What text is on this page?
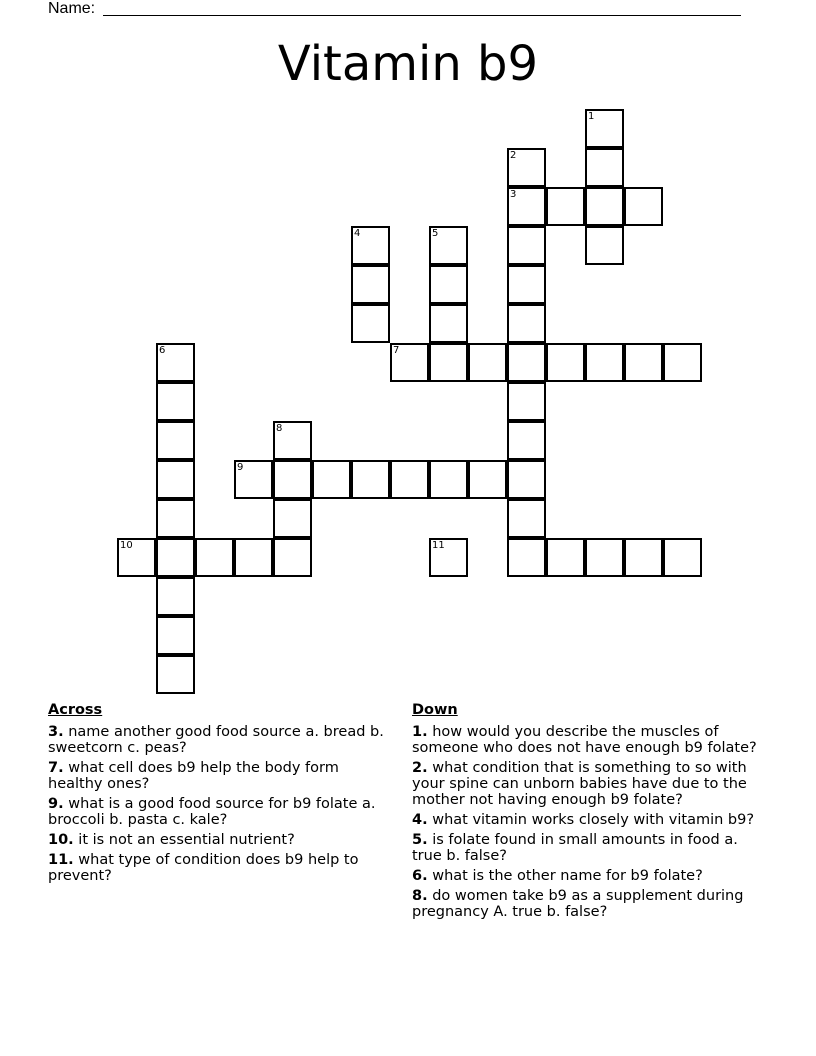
Name:
Vitamin b9
1
2
3
4	5
7
6
8
9
10	11
Across
3. name another good food source a. bread b. sweetcorn c. peas?
7. what cell does b9 help the body form healthy ones?
9. what is a good food source for b9 folate a. broccoli b. pasta c. kale?
10. it is not an essential nutrient?
11. what type of condition does b9 help to prevent?
Down
1. how would you describe the muscles of someone who does not have enough b9 folate?
2. what condition that is something to so with your spine can unborn babies have due to the mother not having enough b9 folate?
4. what vitamin works closely with vitamin b9?
5. is folate found in small amounts in food a. true b. false?
6. what is the other name for b9 folate?
8. do women take b9 as a supplement during pregnancy A. true b. false?
